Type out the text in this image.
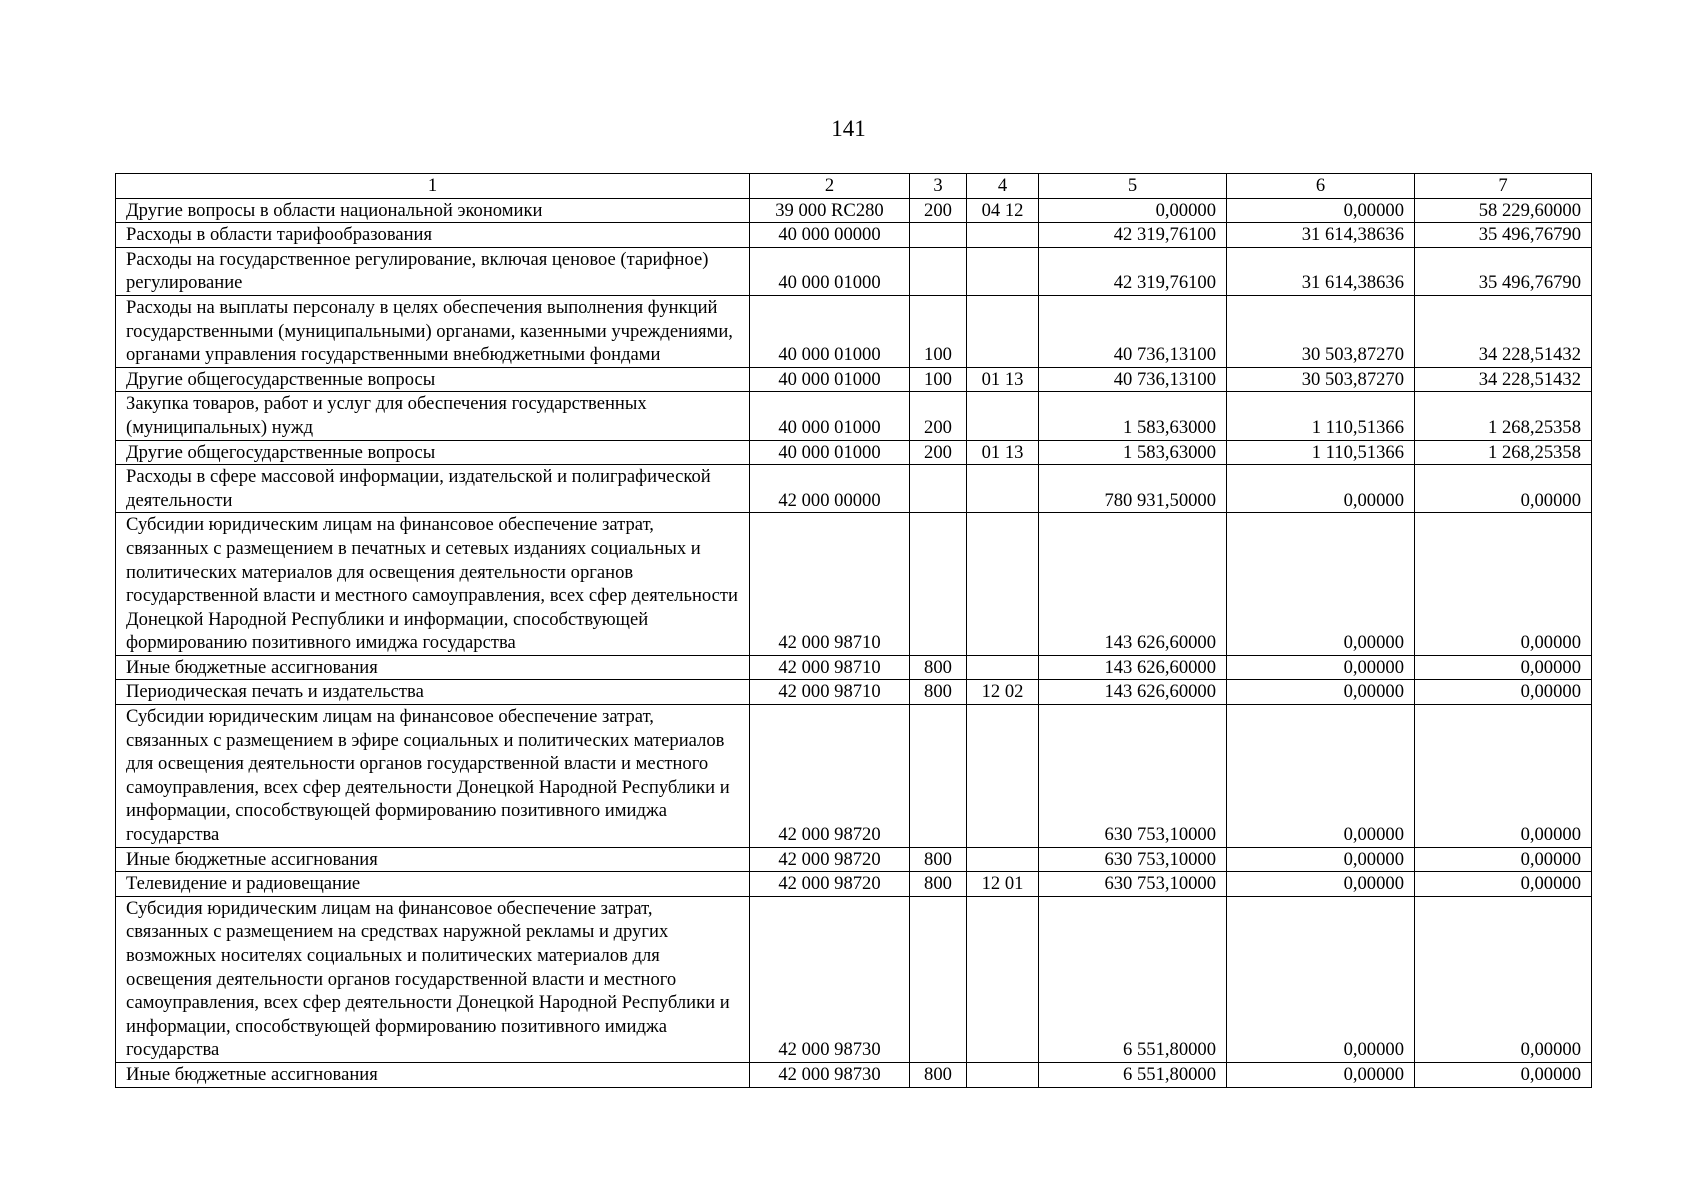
141
1	2	3	4	5	6	7
Другие вопросы в области национальной экономики	39 000 RC280	200	04 12	0,00000	0,00000	58 229,60000
Расходы в области тарифообразования	40 000 00000			42 319,76100	31 614,38636	35 496,76790
Расходы на государственное регулирование, включая ценовое (тарифное) регулирование	40 000 01000			42 319,76100	31 614,38636	35 496,76790
Расходы на выплаты персоналу в целях обеспечения выполнения функций государственными (муниципальными) органами, казенными учреждениями, органами управления государственными внебюджетными фондами	40 000 01000	100		40 736,13100	30 503,87270	34 228,51432
Другие общегосударственные вопросы	40 000 01000	100	01 13	40 736,13100	30 503,87270	34 228,51432
Закупка товаров, работ и услуг для обеспечения государственных (муниципальных) нужд	40 000 01000	200		1 583,63000	1 110,51366	1 268,25358
Другие общегосударственные вопросы	40 000 01000	200	01 13	1 583,63000	1 110,51366	1 268,25358
Расходы в сфере массовой информации, издательской и полиграфической деятельности	42 000 00000			780 931,50000	0,00000	0,00000
Субсидии юридическим лицам на финансовое обеспечение затрат, связанных с размещением в печатных и сетевых изданиях социальных и политических материалов для освещения деятельности органов государственной власти и местного самоуправления, всех сфер деятельности Донецкой Народной Республики и информации, способствующей формированию позитивного имиджа государства	42 000 98710			143 626,60000	0,00000	0,00000
Иные бюджетные ассигнования	42 000 98710	800		143 626,60000	0,00000	0,00000
Периодическая печать и издательства	42 000 98710	800	12 02	143 626,60000	0,00000	0,00000
Субсидии юридическим лицам на финансовое обеспечение затрат, связанных с размещением в эфире социальных и политических материалов для освещения деятельности органов государственной власти и местного самоуправления, всех сфер деятельности Донецкой Народной Республики и информации, способствующей формированию позитивного имиджа государства	42 000 98720			630 753,10000	0,00000	0,00000
Иные бюджетные ассигнования	42 000 98720	800		630 753,10000	0,00000	0,00000
Телевидение и радиовещание	42 000 98720	800	12 01	630 753,10000	0,00000	0,00000
Субсидия юридическим лицам на финансовое обеспечение затрат, связанных с размещением на средствах наружной рекламы и других возможных носителях социальных и политических материалов для освещения деятельности органов государственной власти и местного самоуправления, всех сфер деятельности Донецкой Народной Республики и информации, способствующей формированию позитивного имиджа государства	42 000 98730			6 551,80000	0,00000	0,00000
Иные бюджетные ассигнования	42 000 98730	800		6 551,80000	0,00000	0,00000
